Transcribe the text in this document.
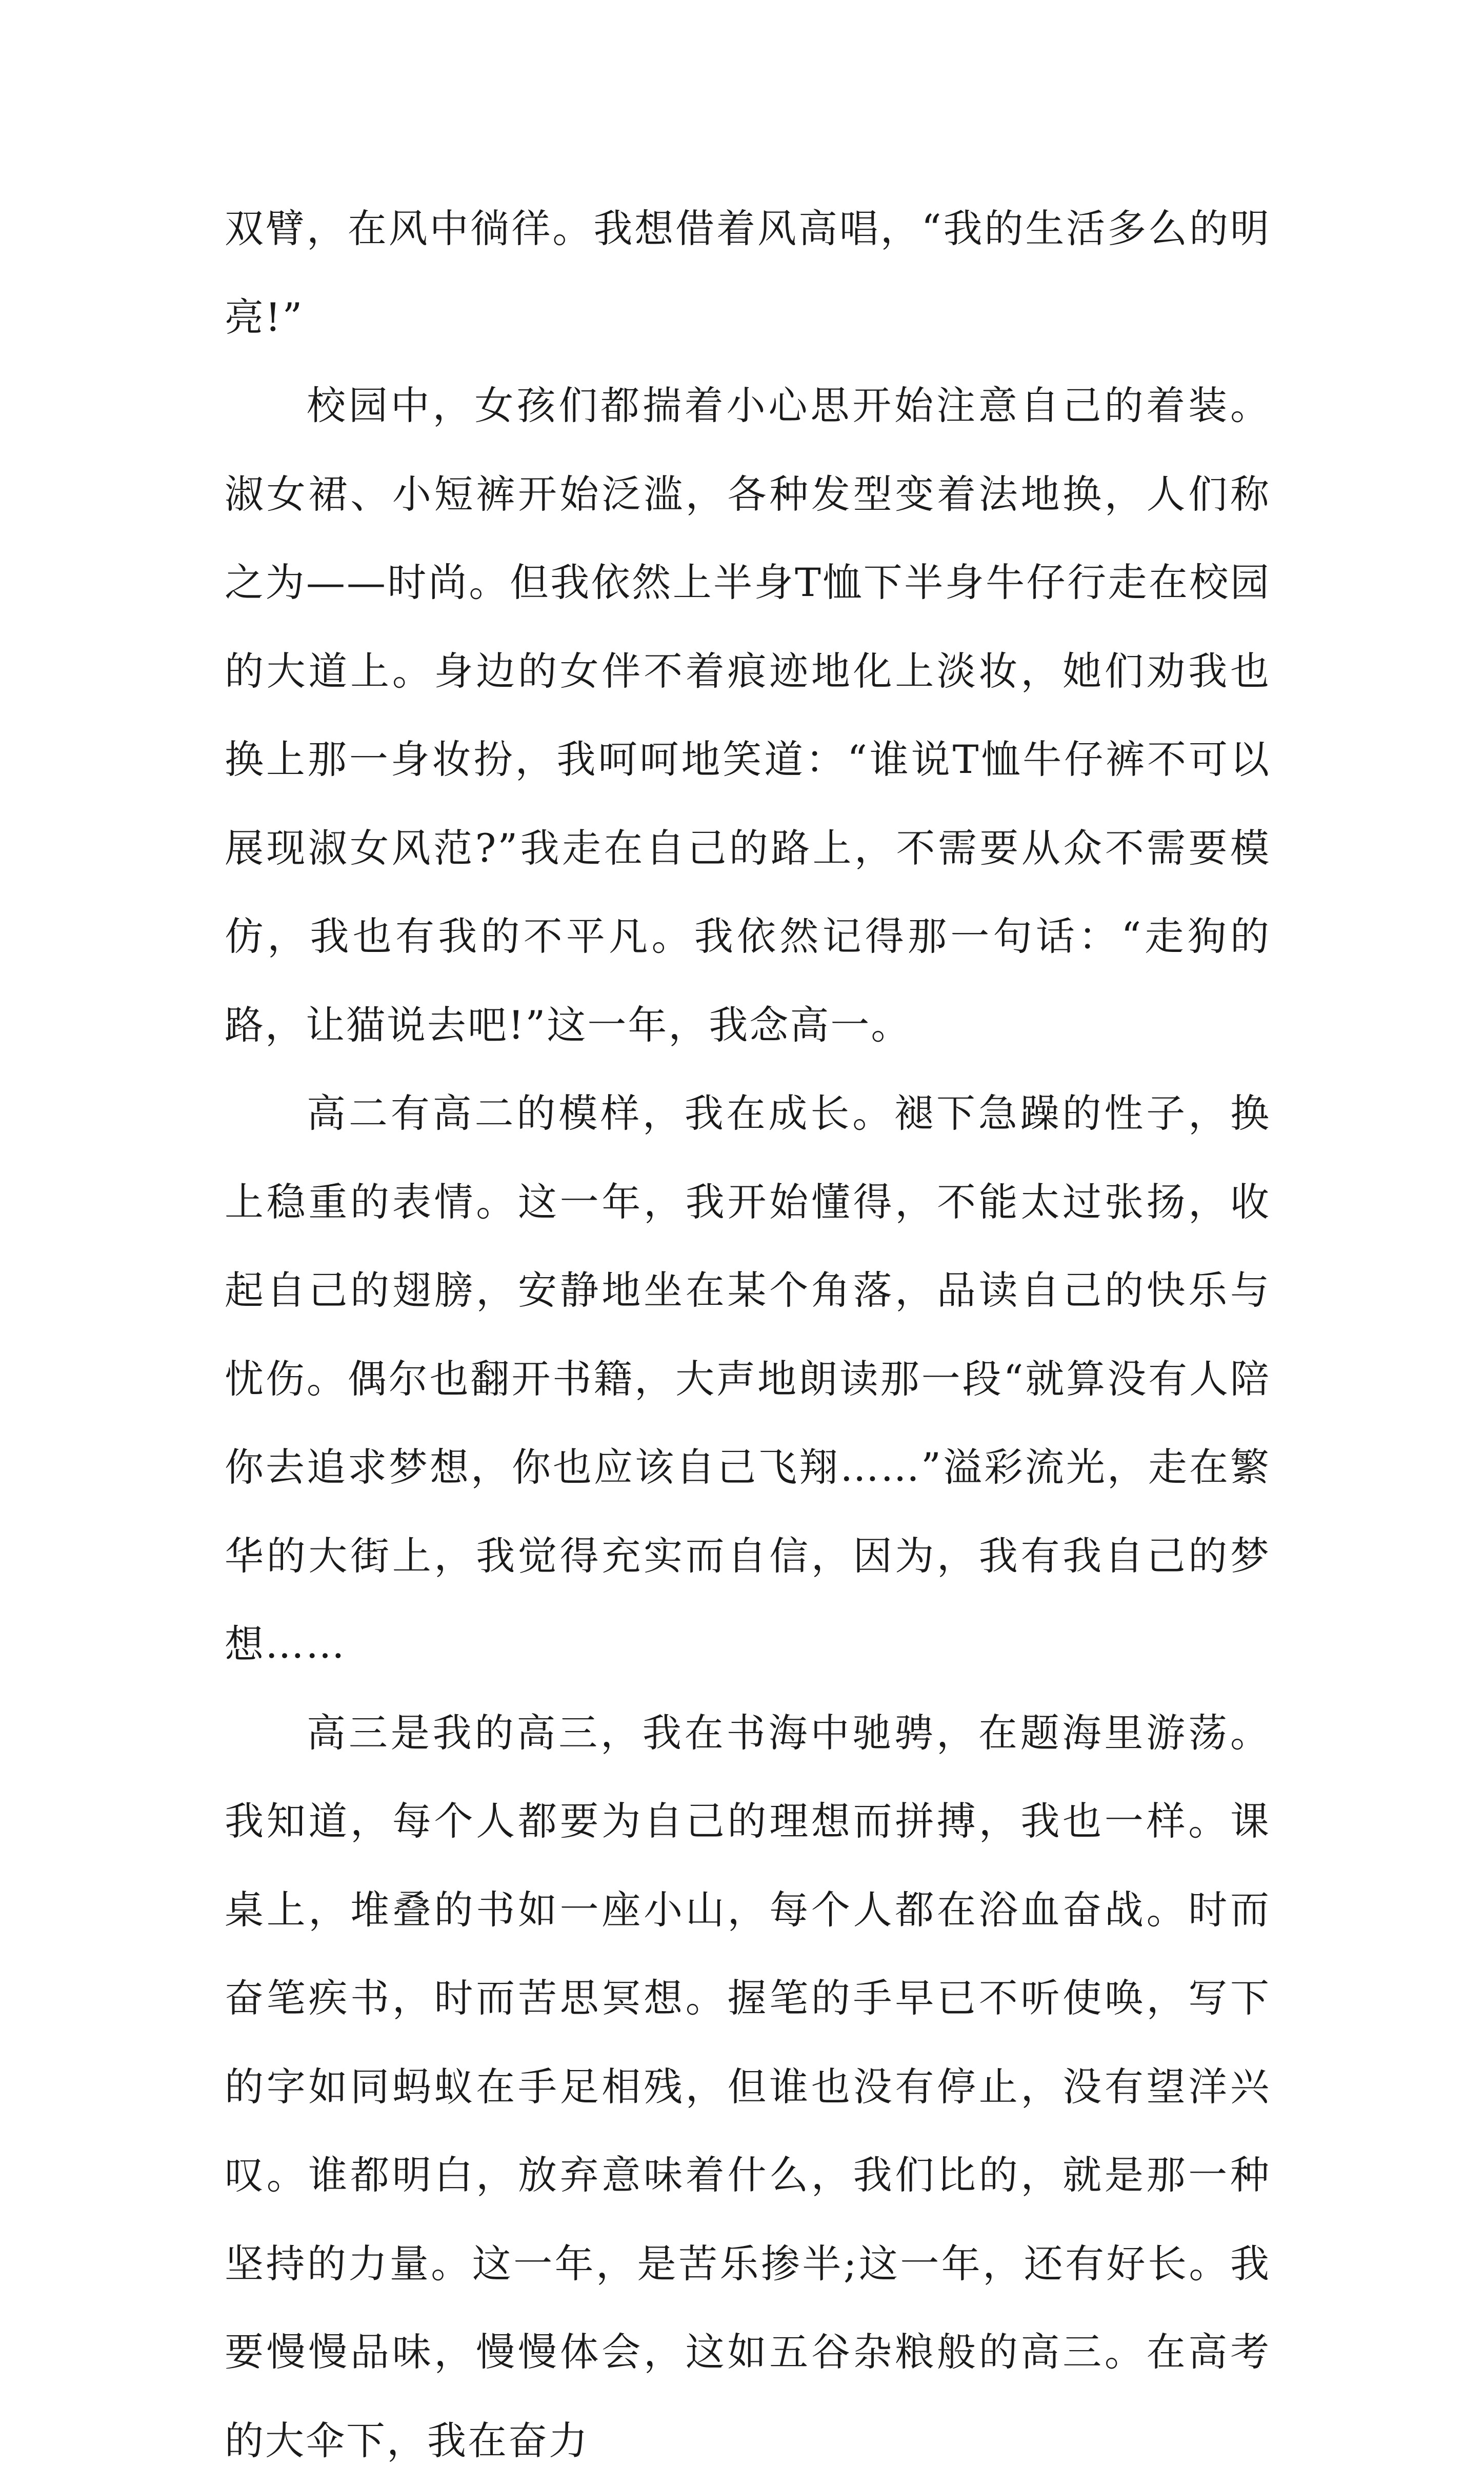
双臂，在风中徜徉。我想借着风高唱，“我的生活多么的明亮!”

校园中，女孩们都揣着小心思开始注意自己的着装。淑女裙、小短裤开始泛滥，各种发型变着法地换，人们称之为——时尚。但我依然上半身T恤下半身牛仔行走在校园的大道上。身边的女伴不着痕迹地化上淡妆，她们劝我也换上那一身妆扮，我呵呵地笑道：“谁说T恤牛仔裤不可以展现淑女风范?”我走在自己的路上，不需要从众不需要模仿，我也有我的不平凡。我依然记得那一句话：“走狗的路，让猫说去吧!”这一年，我念高一。

高二有高二的模样，我在成长。褪下急躁的性子，换上稳重的表情。这一年，我开始懂得，不能太过张扬，收起自己的翅膀，安静地坐在某个角落，品读自己的快乐与忧伤。偶尔也翻开书籍，大声地朗读那一段“就算没有人陪你去追求梦想，你也应该自己飞翔……”溢彩流光，走在繁华的大街上，我觉得充实而自信，因为，我有我自己的梦想……

高三是我的高三，我在书海中驰骋，在题海里游荡。我知道，每个人都要为自己的理想而拼搏，我也一样。课桌上，堆叠的书如一座小山，每个人都在浴血奋战。时而奋笔疾书，时而苦思冥想。握笔的手早已不听使唤，写下的字如同蚂蚁在手足相残，但谁也没有停止，没有望洋兴叹。谁都明白，放弃意味着什么，我们比的，就是那一种坚持的力量。这一年，是苦乐掺半;这一年，还有好长。我要慢慢品味，慢慢体会，这如五谷杂粮般的高三。在高考的大伞下，我在奋力
